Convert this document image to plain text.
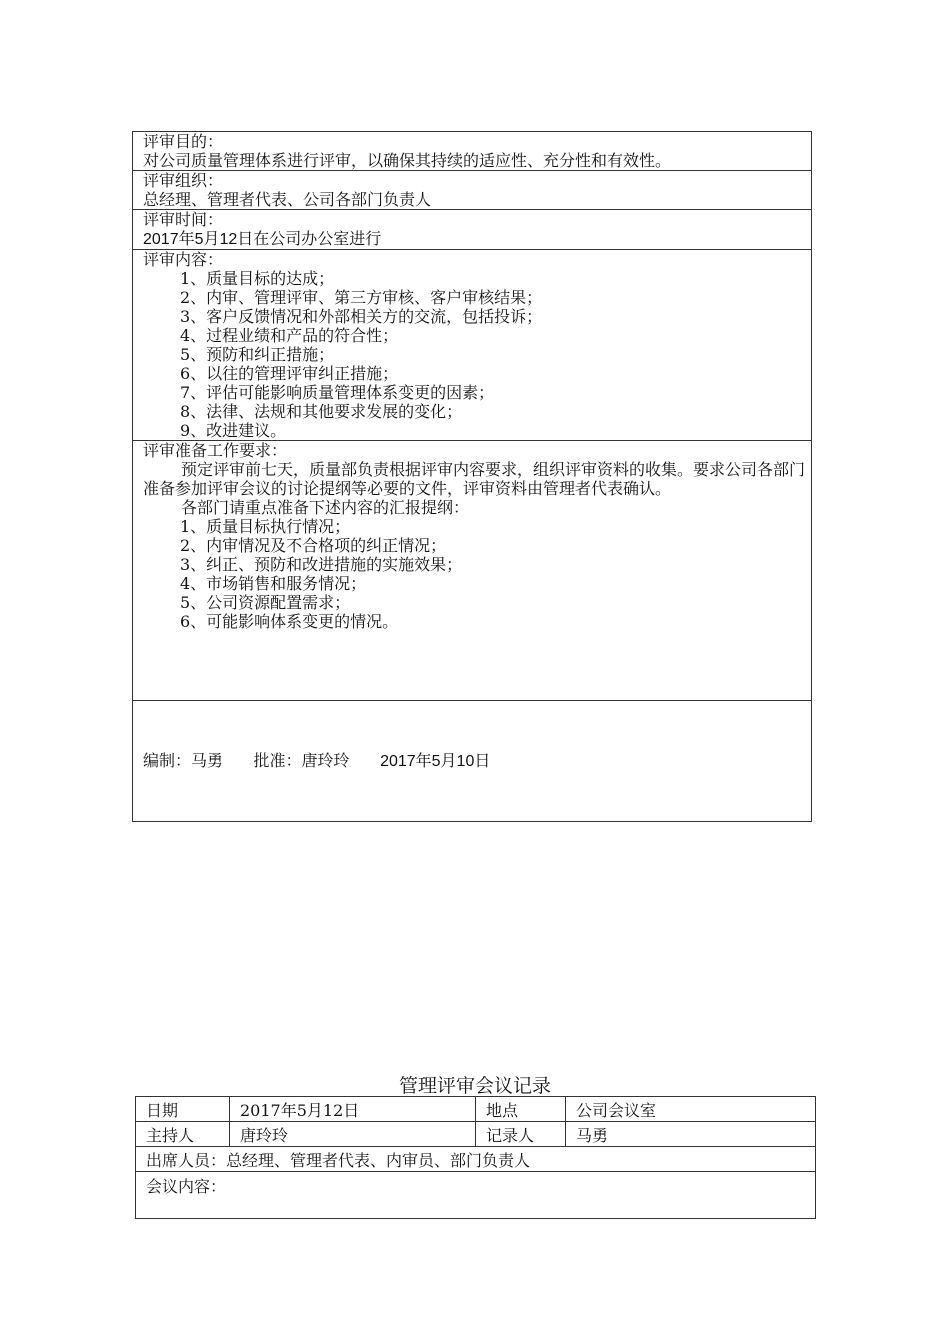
评审目的：
对公司质量管理体系进行评审，以确保其持续的适应性、充分性和有效性。

评审组织：
总经理、管理者代表、公司各部门负责人

评审时间：
2017年5月12日在公司办公室进行

评审内容：
1、质量目标的达成；
2、内审、管理评审、第三方审核、客户审核结果；
3、客户反馈情况和外部相关方的交流，包括投诉；
4、过程业绩和产品的符合性；
5、预防和纠正措施；
6、以往的管理评审纠正措施；
7、评估可能影响质量管理体系变更的因素；
8、法律、法规和其他要求发展的变化；
9、改进建议。

评审准备工作要求：
预定评审前七天，质量部负责根据评审内容要求，组织评审资料的收集。要求公司各部门准备参加评审会议的讨论提纲等必要的文件，评审资料由管理者代表确认。
各部门请重点准备下述内容的汇报提纲：
1、质量目标执行情况；
2、内审情况及不合格项的纠正情况；
3、纠正、预防和改进措施的实施效果；
4、市场销售和服务情况；
5、公司资源配置需求；
6、可能影响体系变更的情况。

编制：马勇 批准：唐玲玲 2017年5月10日
管理评审会议记录
日期	2017年5月12日	地点	公司会议室
主持人	唐玲玲	记录人	马勇
出席人员：总经理、管理者代表、内审员、部门负责人			
会议内容：			
